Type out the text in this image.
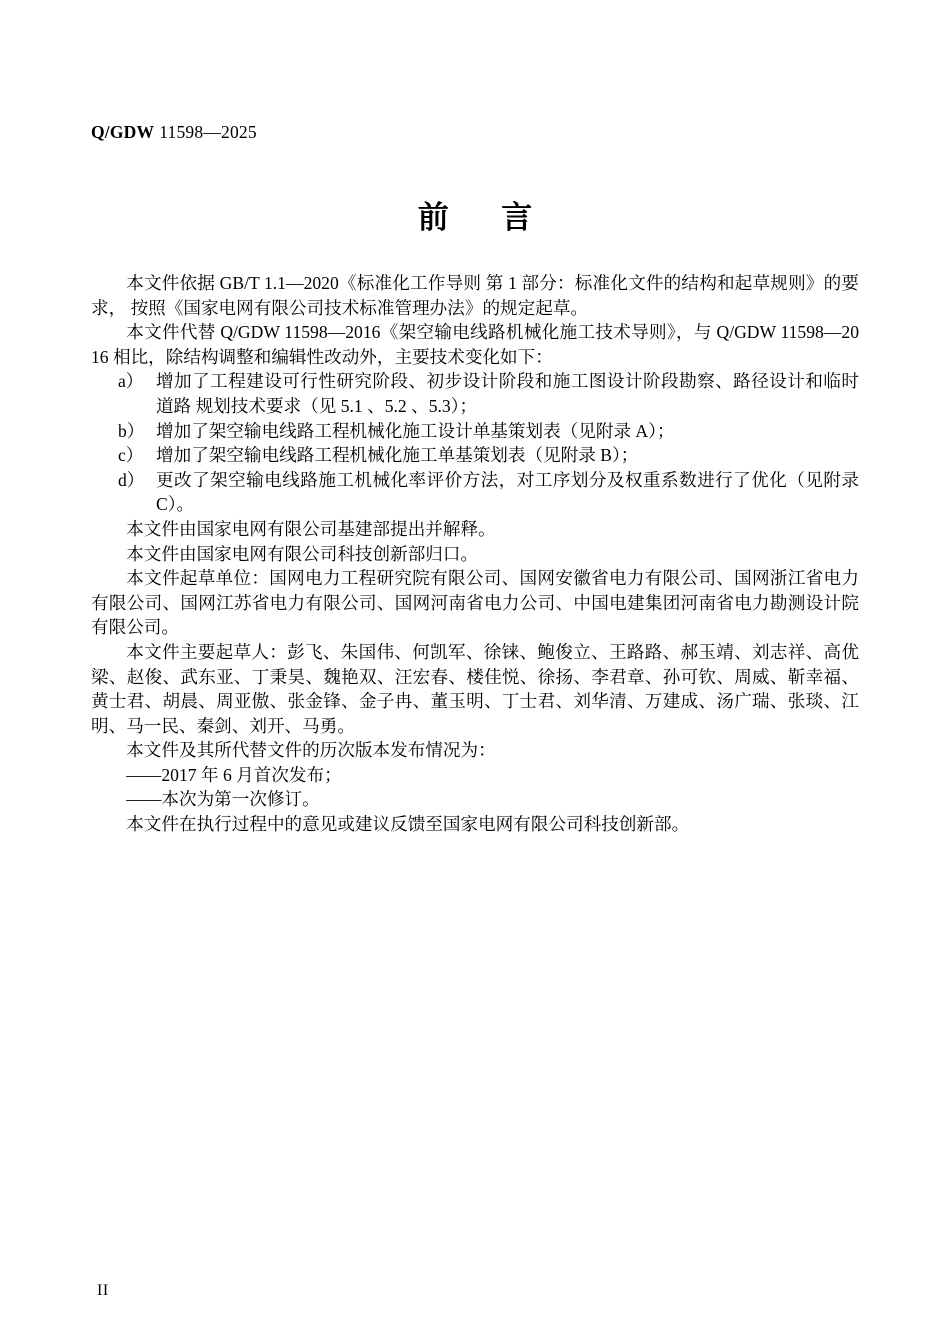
Q/GDW 11598—2025
前 言

本文件依据 GB/T 1.1—2020《标准化工作导则 第 1 部分：标准化文件的结构和起草规则》的要求， 按照《国家电网有限公司技术标准管理办法》的规定起草。

本文件代替 Q/GDW 11598—2016《架空输电线路机械化施工技术导则》，与 Q/GDW 11598—2016 相比，除结构调整和编辑性改动外，主要技术变化如下：

a） 增加了工程建设可行性研究阶段、初步设计阶段和施工图设计阶段勘察、路径设计和临时道路 规划技术要求（见 5.1 、5.2 、5.3）；
b） 增加了架空输电线路工程机械化施工设计单基策划表（见附录 A）；
c） 增加了架空输电线路工程机械化施工单基策划表（见附录 B）；
d） 更改了架空输电线路施工机械化率评价方法，对工序划分及权重系数进行了优化（见附录 C）。

本文件由国家电网有限公司基建部提出并解释。

本文件由国家电网有限公司科技创新部归口。

本文件起草单位：国网电力工程研究院有限公司、国网安徽省电力有限公司、国网浙江省电力有限公司、国网江苏省电力有限公司、国网河南省电力公司、中国电建集团河南省电力勘测设计院有限公司。

本文件主要起草人：彭飞、朱国伟、何凯军、徐铼、鲍俊立、王路路、郝玉靖、刘志祥、高优梁、赵俊、武东亚、丁秉昊、魏艳双、汪宏春、楼佳悦、徐扬、李君章、孙可钦、周威、靳幸福、黄士君、胡晨、周亚傲、张金锋、金子冉、董玉明、丁士君、刘华清、万建成、汤广瑞、张琰、江明、马一民、秦剑、刘开、马勇。

本文件及其所代替文件的历次版本发布情况为：

——2017 年 6 月首次发布；

——本次为第一次修订。

本文件在执行过程中的意见或建议反馈至国家电网有限公司科技创新部。

II
